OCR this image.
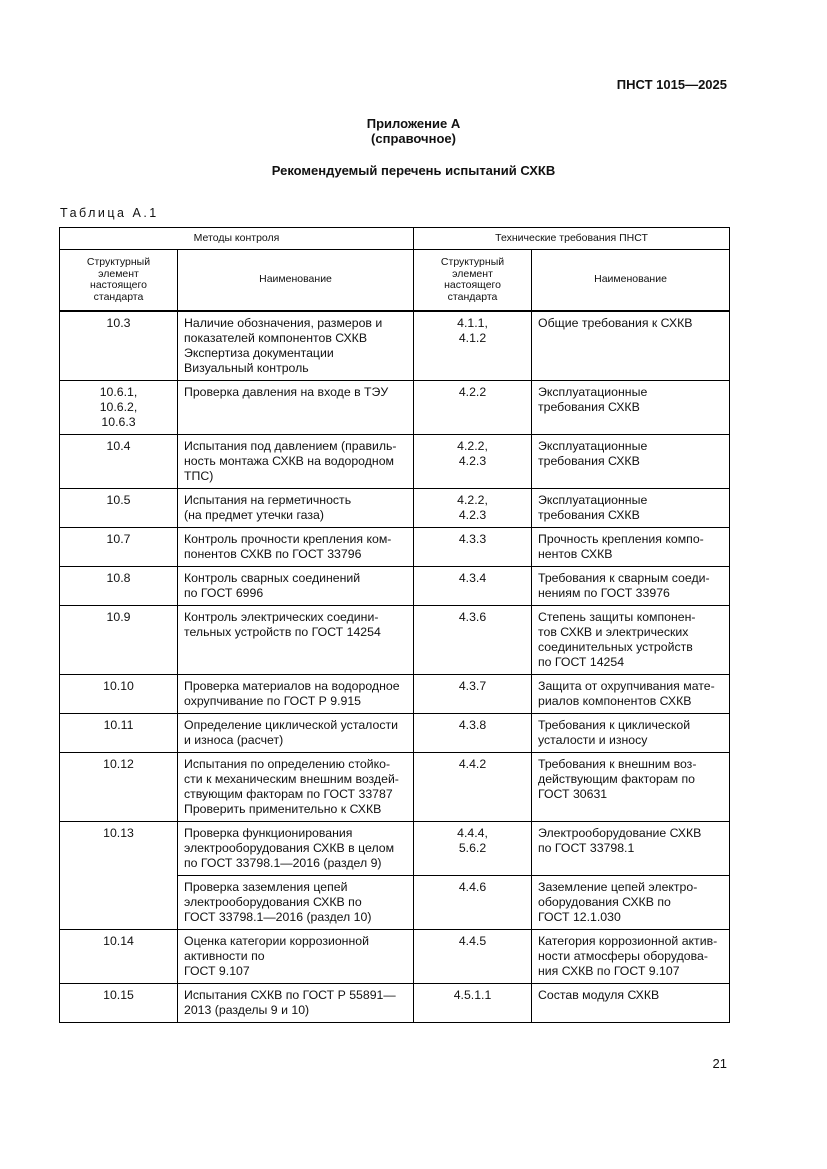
ПНСТ 1015—2025
Приложение А
(справочное)
Рекомендуемый перечень испытаний СХКВ
Таблица А.1
Методы контроля		Технические требования ПНСТ	
Структурный
элемент
настоящего
стандарта	Наименование	Структурный
элемент
настоящего
стандарта	Наименование
10.3	Наличие обозначения, размеров и
показателей компонентов СХКВ
Экспертиза документации
Визуальный контроль	4.1.1,
4.1.2	Общие требования к СХКВ
10.6.1,
10.6.2,
10.6.3	Проверка давления на входе в ТЭУ	4.2.2	Эксплуатационные
требования СХКВ
10.4	Испытания под давлением (правиль-
ность монтажа СХКВ на водородном
ТПС)	4.2.2,
4.2.3	Эксплуатационные
требования СХКВ
10.5	Испытания на герметичность
(на предмет утечки газа)	4.2.2,
4.2.3	Эксплуатационные
требования СХКВ
10.7	Контроль прочности крепления ком-
понентов СХКВ по ГОСТ 33796	4.3.3	Прочность крепления компо-
нентов СХКВ
10.8	Контроль сварных соединений
по ГОСТ 6996	4.3.4	Требования к сварным соеди-
нениям по ГОСТ 33976
10.9	Контроль электрических соедини-
тельных устройств по ГОСТ 14254	4.3.6	Степень защиты компонен-
тов СХКВ и электрических
соединительных устройств
по ГОСТ 14254
10.10	Проверка материалов на водородное
охрупчивание по ГОСТ Р 9.915	4.3.7	Защита от охрупчивания мате-
риалов компонентов СХКВ
10.11	Определение циклической усталости
и износа (расчет)	4.3.8	Требования к циклической
усталости и износу
10.12	Испытания по определению стойко-
сти к механическим внешним воздей-
ствующим факторам по ГОСТ 33787
Проверить применительно к СХКВ	4.4.2	Требования к внешним воз-
действующим факторам по
ГОСТ 30631
10.13	Проверка функционирования
электрооборудования СХКВ в целом
по ГОСТ 33798.1—2016 (раздел 9)	4.4.4,
5.6.2	Электрооборудование СХКВ
по ГОСТ 33798.1
	Проверка заземления цепей
электрооборудования СХКВ по
ГОСТ 33798.1—2016 (раздел 10)	4.4.6	Заземление цепей электро-
оборудования СХКВ по
ГОСТ 12.1.030
10.14	Оценка категории коррозионной
активности по
ГОСТ 9.107	4.4.5	Категория коррозионной актив-
ности атмосферы оборудова-
ния СХКВ по ГОСТ 9.107
10.15	Испытания СХКВ по ГОСТ Р 55891—
2013 (разделы 9 и 10)	4.5.1.1	Состав модуля СХКВ
21
